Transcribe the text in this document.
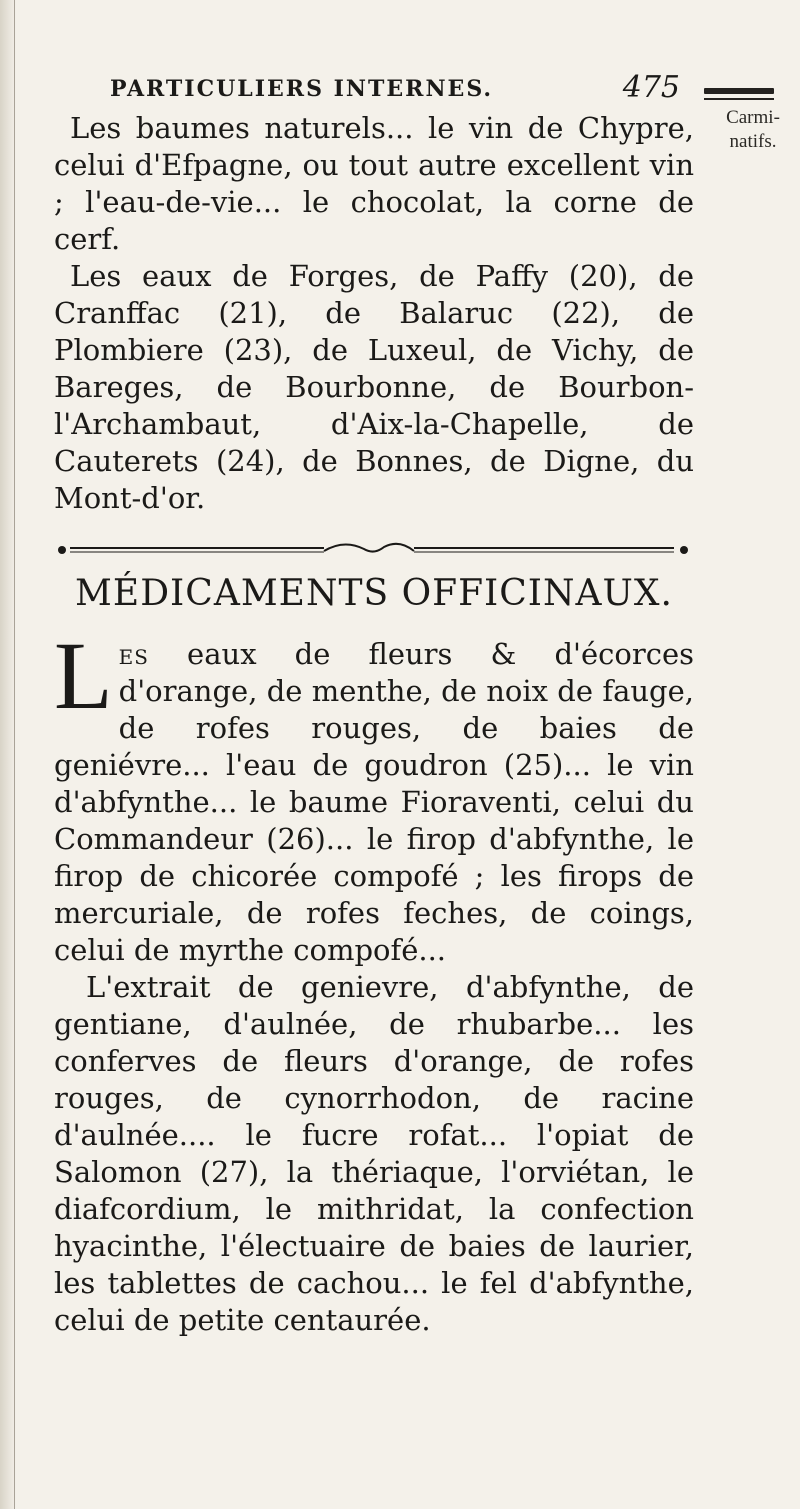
Carmi-
natifs.
PARTICULIERS INTERNES.	475

Les baumes naturels... le vin de Chypre, celui d'Efpagne, ou tout autre excellent vin ; l'eau-de-vie... le chocolat, la corne de cerf.

Les eaux de Forges, de Paffy (20), de Cranffac (21), de Balaruc (22), de Plombiere (23), de Luxeul, de Vichy, de Bareges, de Bourbonne, de Bourbon-l'Archambaut, d'Aix-la-Chapelle, de Cauterets (24), de Bonnes, de Digne, du Mont-d'or.

MÉDICAMENTS OFFICINAUX.

Les eaux de fleurs & d'écorces d'orange, de menthe, de noix de fauge, de rofes rouges, de baies de geniévre... l'eau de goudron (25)... le vin d'abfynthe... le baume Fioraventi, celui du Commandeur (26)... le firop d'abfynthe, le firop de chicorée compofé ; les firops de mercuriale, de rofes feches, de coings, celui de myrthe compofé...

L'extrait de genievre, d'abfynthe, de gentiane, d'aulnée, de rhubarbe... les conferves de fleurs d'orange, de rofes rouges, de cynorrhodon, de racine d'aulnée.... le fucre rofat... l'opiat de Salomon (27), la thériaque, l'orviétan, le diafcordium, le mithridat, la confection hyacinthe, l'électuaire de baies de laurier, les tablettes de cachou... le fel d'abfynthe, celui de petite centaurée.
